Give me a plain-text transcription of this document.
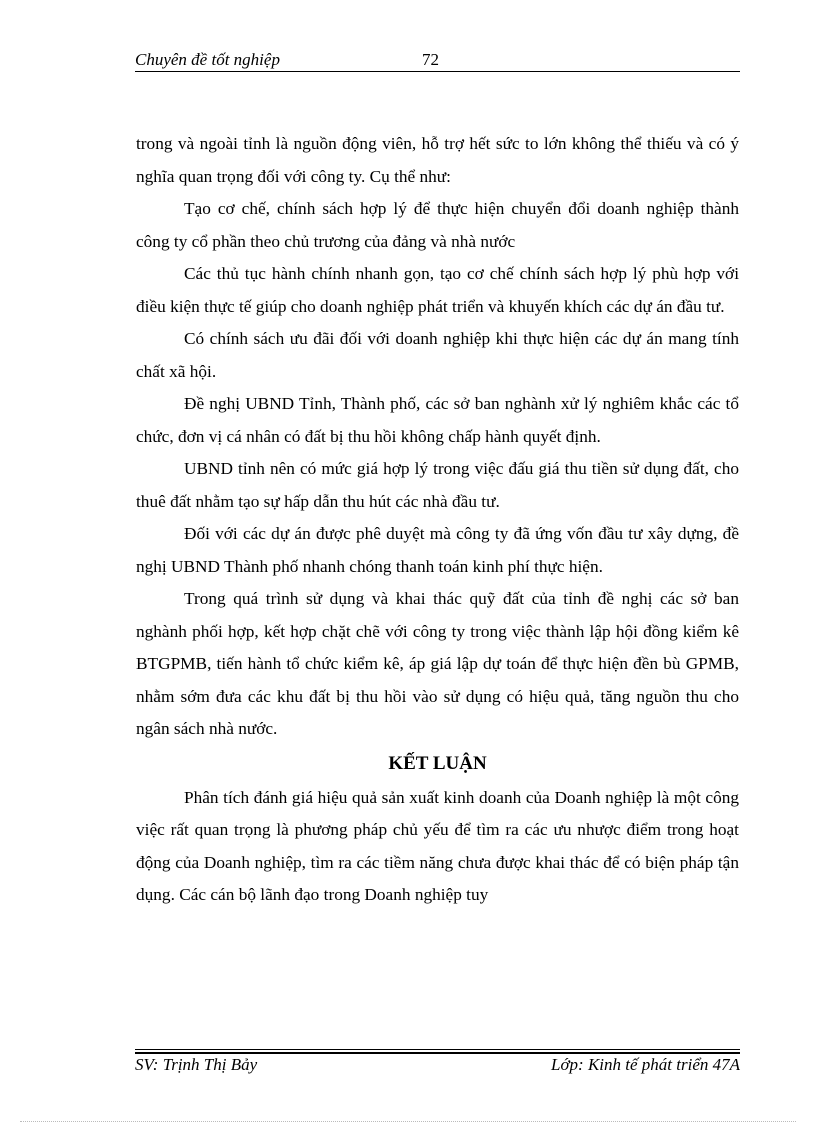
Chuyên đề tốt nghiệp	72

trong và ngoài tỉnh là nguồn động viên, hỗ trợ hết sức to lớn không thể thiếu và có ý nghĩa quan trọng đối với công ty. Cụ thể như:

Tạo cơ chế, chính sách hợp lý để thực hiện chuyển đổi doanh nghiệp thành công ty cổ phần theo chủ trương của đảng và nhà nước

Các thủ tục hành chính nhanh gọn, tạo cơ chế chính sách hợp lý phù hợp với điều kiện thực tế giúp cho doanh nghiệp phát triển và khuyến khích các dự án đầu tư.

Có chính sách ưu đãi đối với doanh nghiệp khi thực hiện các dự án mang tính chất xã hội.

Đề nghị UBND Tỉnh, Thành phố, các sở ban nghành xử lý nghiêm khắc các tổ chức, đơn vị cá nhân có đất bị thu hồi không chấp hành quyết định.

UBND tỉnh nên có mức giá hợp lý trong việc đấu giá thu tiền sử dụng đất, cho thuê đất nhằm tạo sự hấp dẫn thu hút các nhà đầu tư.

Đối với các dự án được phê duyệt mà công ty đã ứng vốn đầu tư xây dựng, đề nghị UBND Thành phố nhanh chóng thanh toán kinh phí thực hiện.

Trong quá trình sử dụng và khai thác quỹ đất của tỉnh đề nghị các sở ban nghành phối hợp, kết hợp chặt chẽ với công ty trong việc thành lập hội đồng kiểm kê BTGPMB, tiến hành tổ chức kiểm kê, áp giá lập dự toán để thực hiện đền bù GPMB, nhằm sớm đưa các khu đất bị thu hồi vào sử dụng có hiệu quả, tăng nguồn thu cho ngân sách nhà nước.

KẾT LUẬN

Phân tích đánh giá hiệu quả sản xuất kinh doanh của Doanh nghiệp là một công việc rất quan trọng là phương pháp chủ yếu để tìm ra các ưu nhược điểm trong hoạt động của Doanh nghiệp, tìm ra các tiềm năng chưa được khai thác để có biện pháp tận dụng. Các cán bộ lãnh đạo trong Doanh nghiệp tuy

SV: Trịnh Thị Bảy	Lớp: Kinh tế phát triển 47A
